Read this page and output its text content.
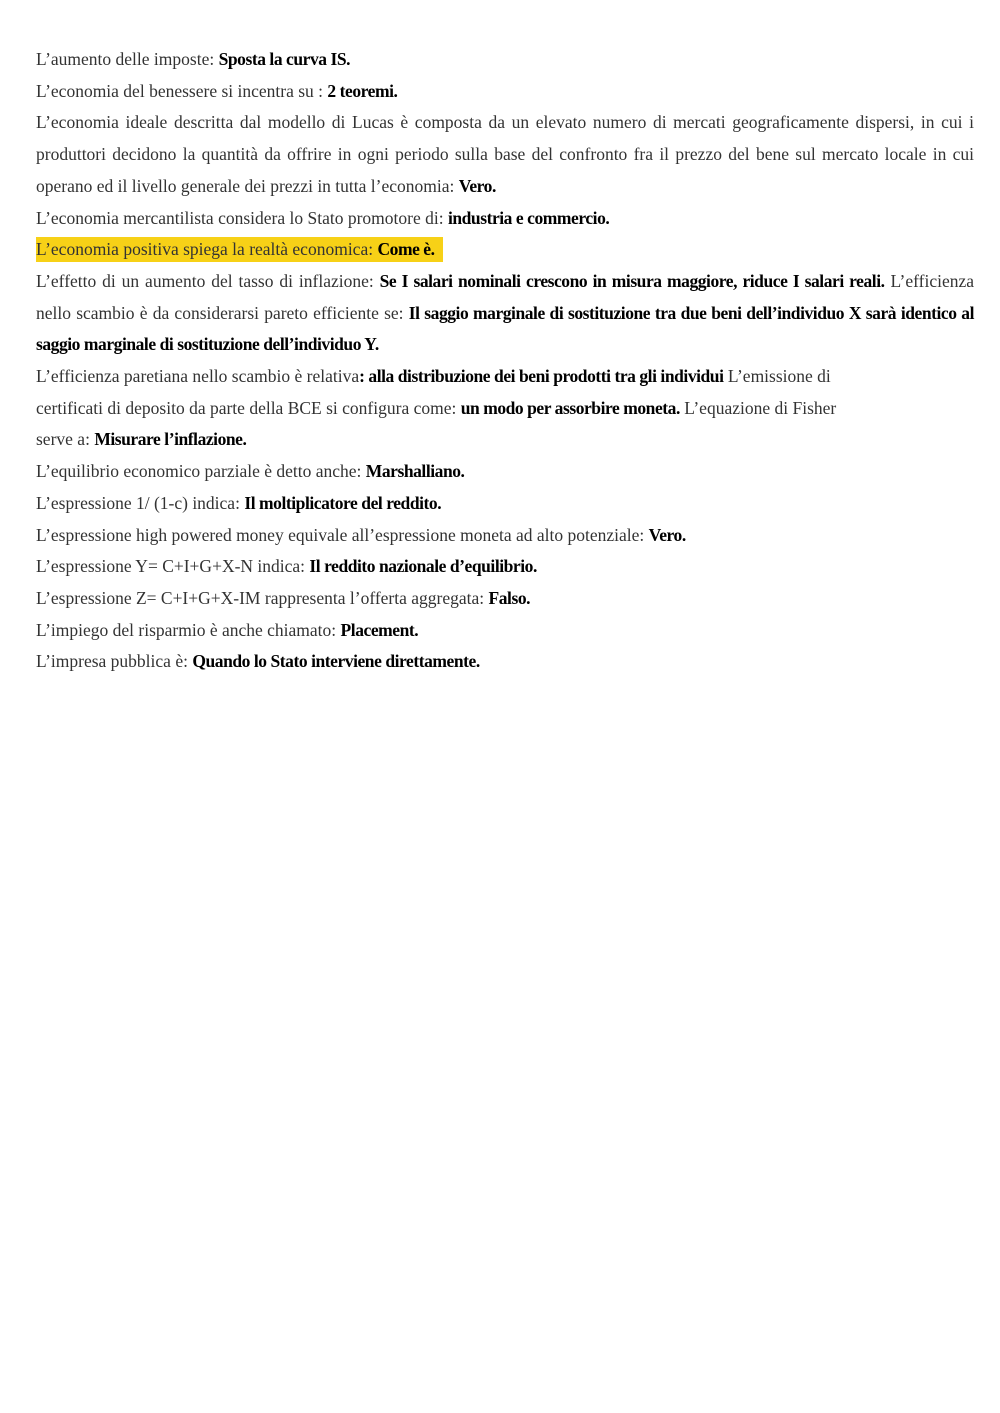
L’aumento delle imposte: Sposta la curva IS.

L’economia del benessere si incentra su : 2 teoremi.

L’economia ideale descritta dal modello di Lucas è composta da un elevato numero di mercati geograficamente dispersi, in cui i produttori decidono la quantità da offrire in ogni periodo sulla base del confronto fra il prezzo del bene sul mercato locale in cui operano ed il livello generale dei prezzi in tutta l’economia: Vero.

L’economia mercantilista considera lo Stato promotore di: industria e commercio.

L’economia positiva spiega la realtà economica: Come è.

L’effetto di un aumento del tasso di inflazione: Se I salari nominali crescono in misura maggiore, riduce I salari reali. L’efficienza nello scambio è da considerarsi pareto efficiente se: Il saggio marginale di sostituzione tra due beni dell’individuo X sarà identico al saggio marginale di sostituzione dell’individuo Y.

L’efficienza paretiana nello scambio è relativa: alla distribuzione dei beni prodotti tra gli individui L’emissione di

certificati di deposito da parte della BCE si configura come: un modo per assorbire moneta. L’equazione di Fisher

serve a: Misurare l’inflazione.

L’equilibrio economico parziale è detto anche: Marshalliano.

L’espressione 1/ (1-c) indica: Il moltiplicatore del reddito.

L’espressione high powered money equivale all’espressione moneta ad alto potenziale: Vero.

L’espressione Y= C+I+G+X-N indica: Il reddito nazionale d’equilibrio.

L’espressione Z= C+I+G+X-IM rappresenta l’offerta aggregata: Falso.

L’impiego del risparmio è anche chiamato: Placement.

L’impresa pubblica è: Quando lo Stato interviene direttamente.
